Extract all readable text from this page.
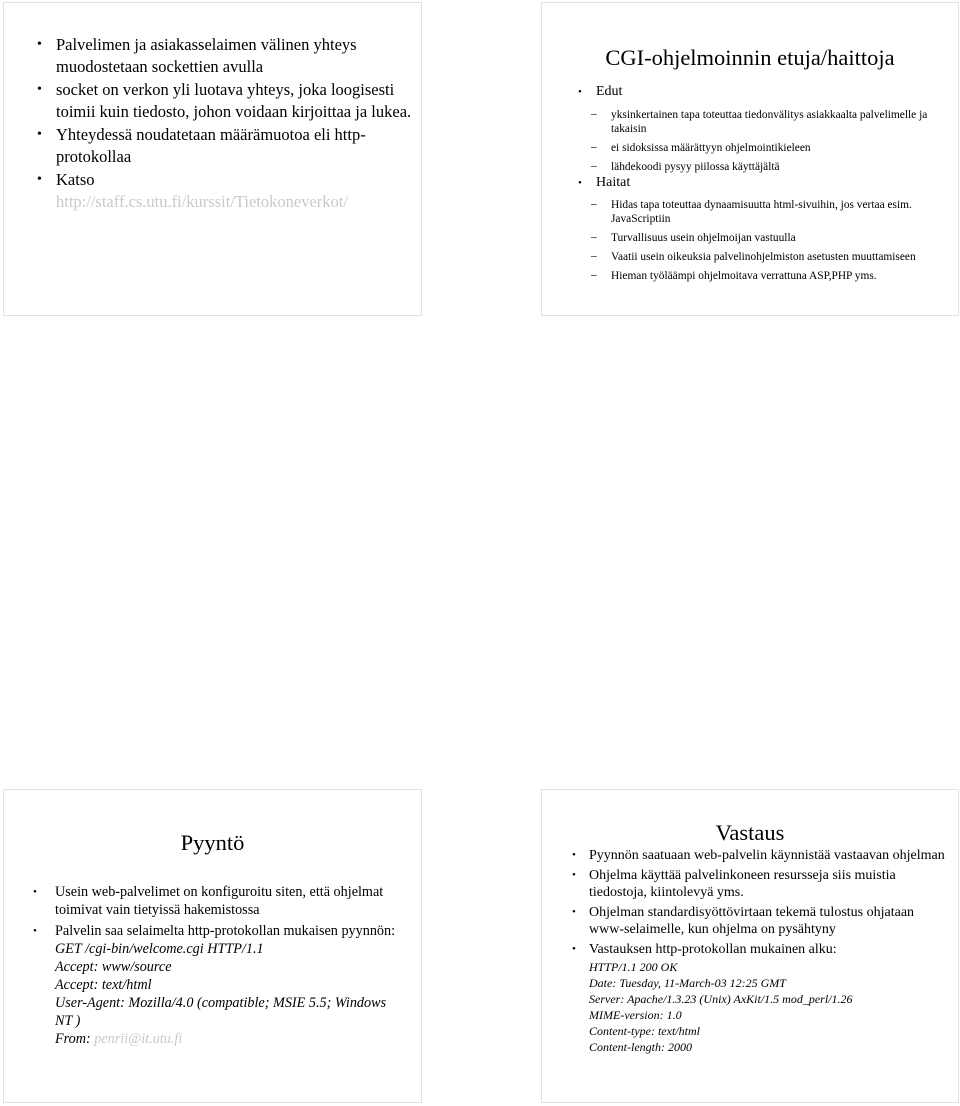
• Palvelimen ja asiakasselaimen välinen yhteys muodostetaan sockettien avulla
• socket on verkon yli luotava yhteys, joka loogisesti toimii kuin tiedosto, johon voidaan kirjoittaa ja lukea.
• Yhteydessä noudatetaan määrämuotoa eli http-protokollaa
• Katso
http://staff.cs.utu.fi/kurssit/Tietokoneverkot/
CGI-ohjelmoinnin etuja/haittoja
• Edut
– yksinkertainen tapa toteuttaa tiedonvälitys asiakkaalta palvelimelle ja takaisin
– ei sidoksissa määrättyyn ohjelmointikieleen
– lähdekoodi pysyy piilossa käyttäjältä
• Haitat
– Hidas tapa toteuttaa dynaamisuutta html-sivuihin, jos vertaa esim. JavaScriptiin
– Turvallisuus usein ohjelmoijan vastuulla
– Vaatii usein oikeuksia palvelinohjelmiston asetusten muuttamiseen
– Hieman työläämpi ohjelmoitava verrattuna ASP,PHP yms.
Pyyntö
• Usein web-palvelimet on konfiguroitu siten, että ohjelmat toimivat vain tietyissä hakemistossa
• Palvelin saa selaimelta http-protokollan mukaisen pyynnön:
GET /cgi-bin/welcome.cgi HTTP/1.1
Accept: www/source
Accept: text/html
User-Agent: Mozilla/4.0 (compatible; MSIE 5.5; Windows NT )
From: penrii@it.utu.fi
Vastaus
• Pyynnön saatuaan web-palvelin käynnistää vastaavan ohjelman
• Ohjelma käyttää palvelinkoneen resursseja siis muistia tiedostoja, kiintolevyä yms.
• Ohjelman standardisyöttövirtaan tekemä tulostus ohjataan www-selaimelle, kun ohjelma on pysähtyny
• Vastauksen http-protokollan mukainen alku:
HTTP/1.1 200 OK
Date: Tuesday, 11-March-03 12:25 GMT
Server: Apache/1.3.23 (Unix) AxKit/1.5 mod_perl/1.26
MIME-version: 1.0
Content-type: text/html
Content-length: 2000
